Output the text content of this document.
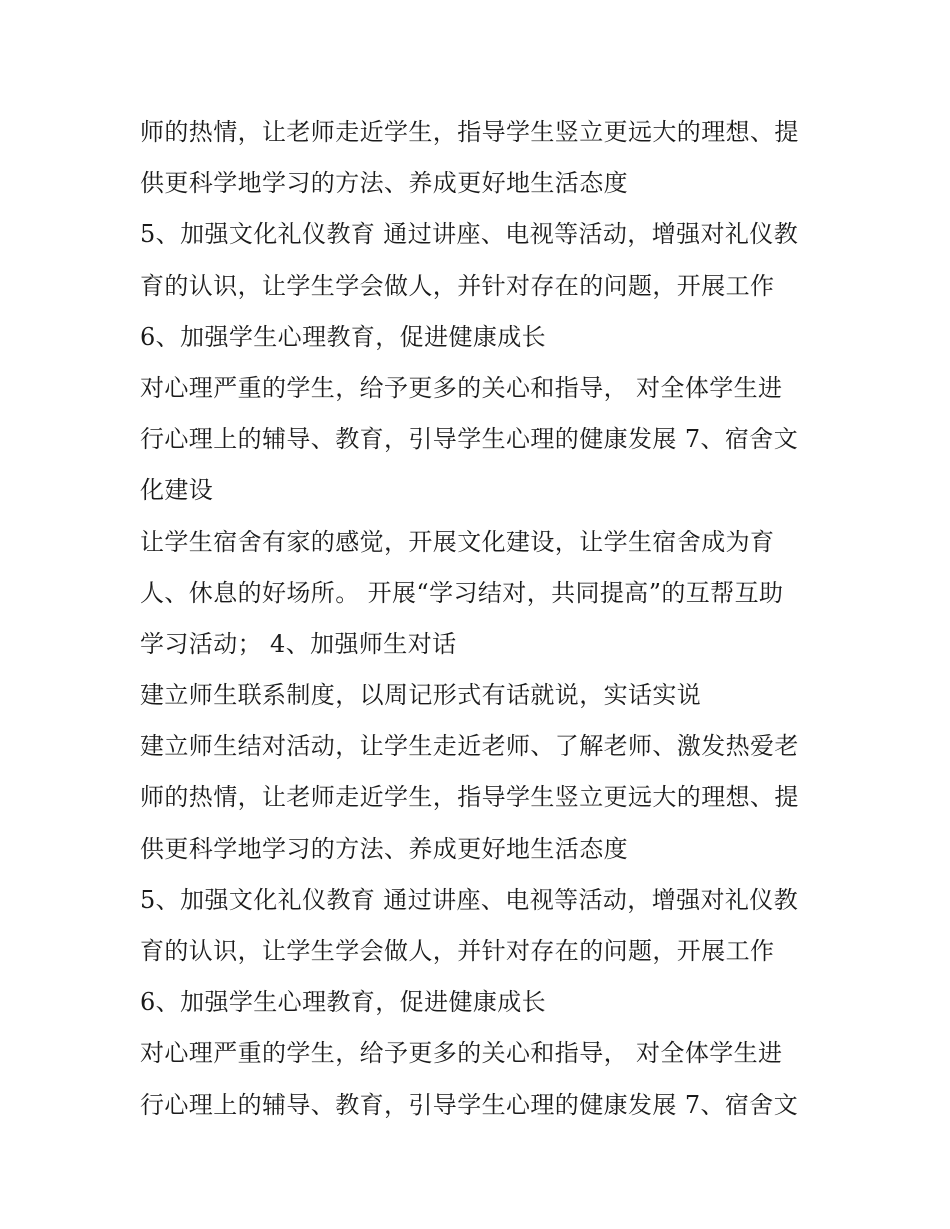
师的热情，让老师走近学生，指导学生竖立更远大的理想、提
供更科学地学习的方法、养成更好地生活态度
5、加强文化礼仪教育 通过讲座、电视等活动，增强对礼仪教
育的认识，让学生学会做人，并针对存在的问题，开展工作
6、加强学生心理教育，促进健康成长
对心理严重的学生，给予更多的关心和指导， 对全体学生进
行心理上的辅导、教育，引导学生心理的健康发展 7、宿舍文
化建设
让学生宿舍有家的感觉，开展文化建设，让学生宿舍成为育
人、休息的好场所。 开展“学习结对，共同提高”的互帮互助
学习活动； 4、加强师生对话
建立师生联系制度，以周记形式有话就说，实话实说
建立师生结对活动，让学生走近老师、了解老师、激发热爱老
师的热情，让老师走近学生，指导学生竖立更远大的理想、提
供更科学地学习的方法、养成更好地生活态度
5、加强文化礼仪教育 通过讲座、电视等活动，增强对礼仪教
育的认识，让学生学会做人，并针对存在的问题，开展工作
6、加强学生心理教育，促进健康成长
对心理严重的学生，给予更多的关心和指导， 对全体学生进
行心理上的辅导、教育，引导学生心理的健康发展 7、宿舍文
